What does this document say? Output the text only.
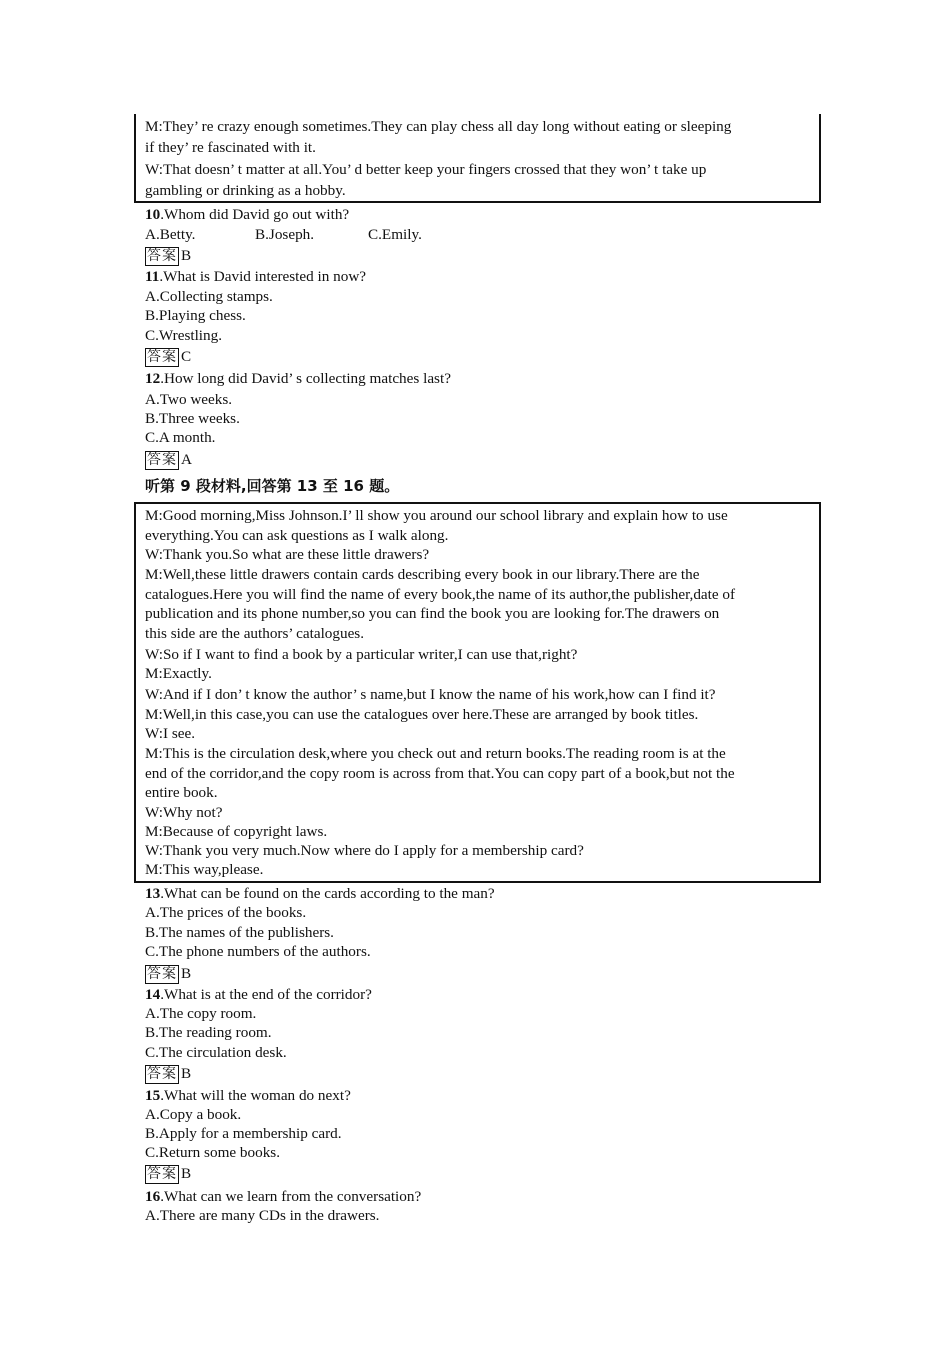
M:They’ re crazy enough sometimes.They can play chess all day long without eating or sleeping
if they’ re fascinated with it.
W:That doesn’ t matter at all.You’ d better keep your fingers crossed that they won’ t take up
gambling or drinking as a hobby.
10.Whom did David go out with?
A.Betty.	B.Joseph.	C.Emily.
答案 B
11.What is David interested in now?
A.Collecting stamps.
B.Playing chess.
C.Wrestling.
答案 C
12.How long did David’ s collecting matches last?
A.Two weeks.
B.Three weeks.
C.A month.
答案 A
听第 9 段材料,回答第 13 至 16 题。
M:Good morning,Miss Johnson.I’ ll show you around our school library and explain how to use
everything.You can ask questions as I walk along.
W:Thank you.So what are these little drawers?
M:Well,these little drawers contain cards describing every book in our library.There are the
catalogues.Here you will find the name of every book,the name of its author,the publisher,date of
publication and its phone number,so you can find the book you are looking for.The drawers on
this side are the authors’ catalogues.
W:So if I want to find a book by a particular writer,I can use that,right?
M:Exactly.
W:And if I don’ t know the author’ s name,but I know the name of his work,how can I find it?
M:Well,in this case,you can use the catalogues over here.These are arranged by book titles.
W:I see.
M:This is the circulation desk,where you check out and return books.The reading room is at the
end of the corridor,and the copy room is across from that.You can copy part of a book,but not the
entire book.
W:Why not?
M:Because of copyright laws.
W:Thank you very much.Now where do I apply for a membership card?
M:This way,please.
13.What can be found on the cards according to the man?
A.The prices of the books.
B.The names of the publishers.
C.The phone numbers of the authors.
答案 B
14.What is at the end of the corridor?
A.The copy room.
B.The reading room.
C.The circulation desk.
答案 B
15.What will the woman do next?
A.Copy a book.
B.Apply for a membership card.
C.Return some books.
答案 B
16.What can we learn from the conversation?
A.There are many CDs in the drawers.
